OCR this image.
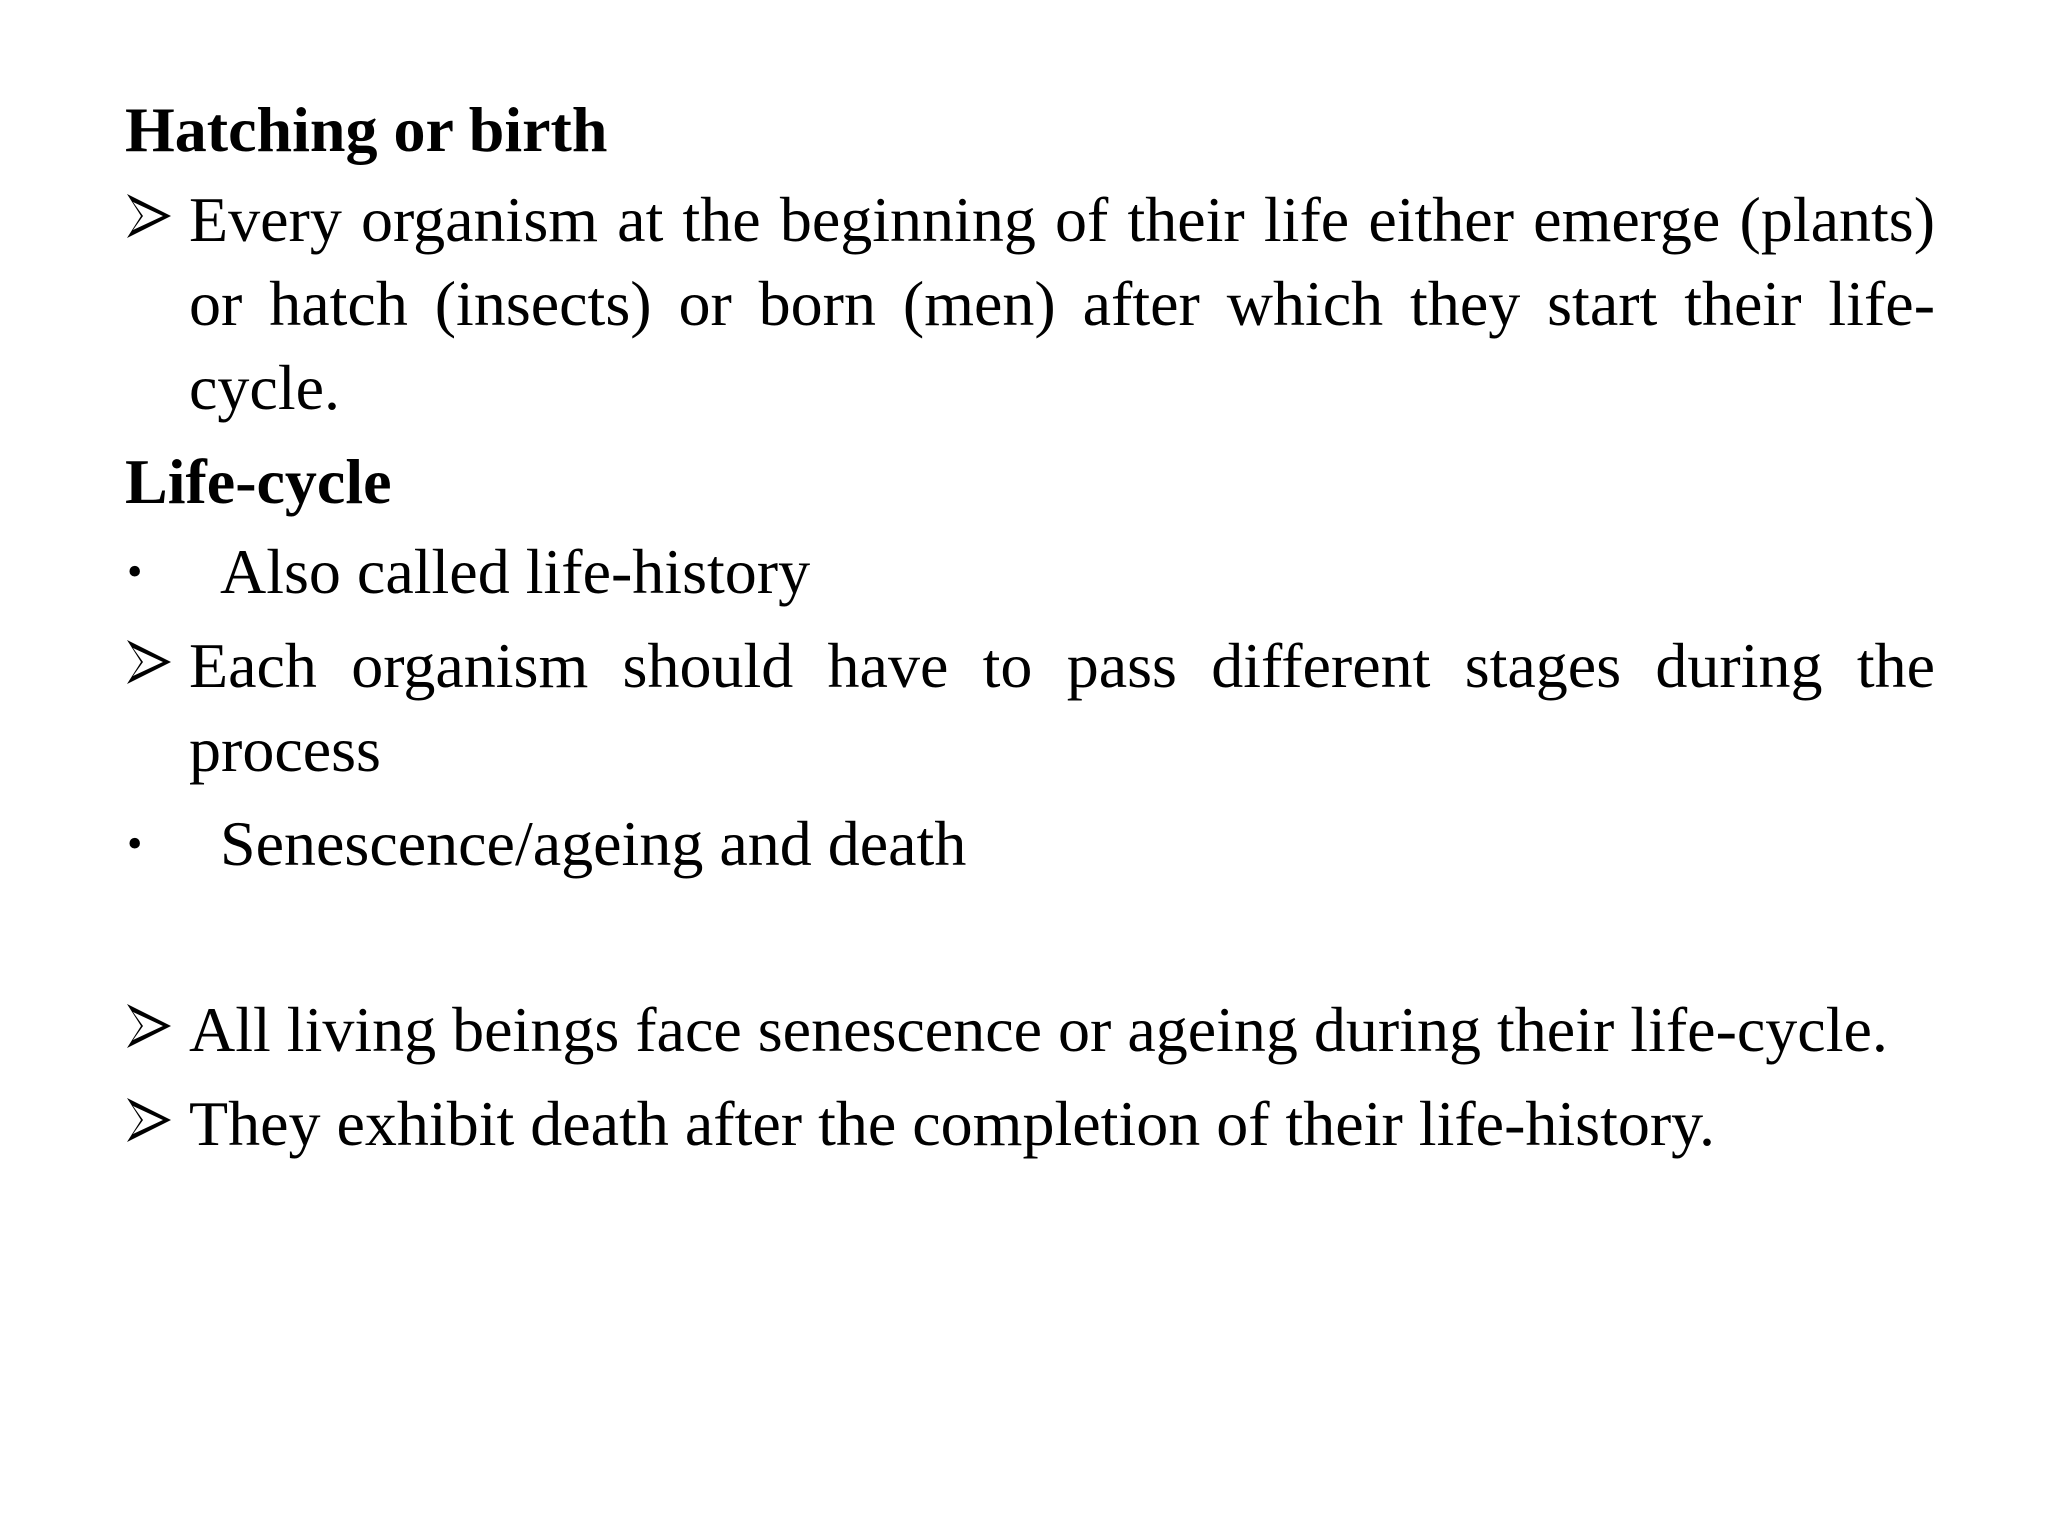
Hatching or birth
Every organism at the beginning of their life either emerge (plants) or hatch (insects) or born (men) after which they start their life-cycle.
Life-cycle
• Also called life-history
Each organism should have to pass different stages during the process
• Senescence/ageing and death
All living beings face senescence or ageing during their life-cycle.
They exhibit death after the completion of their life-history.
